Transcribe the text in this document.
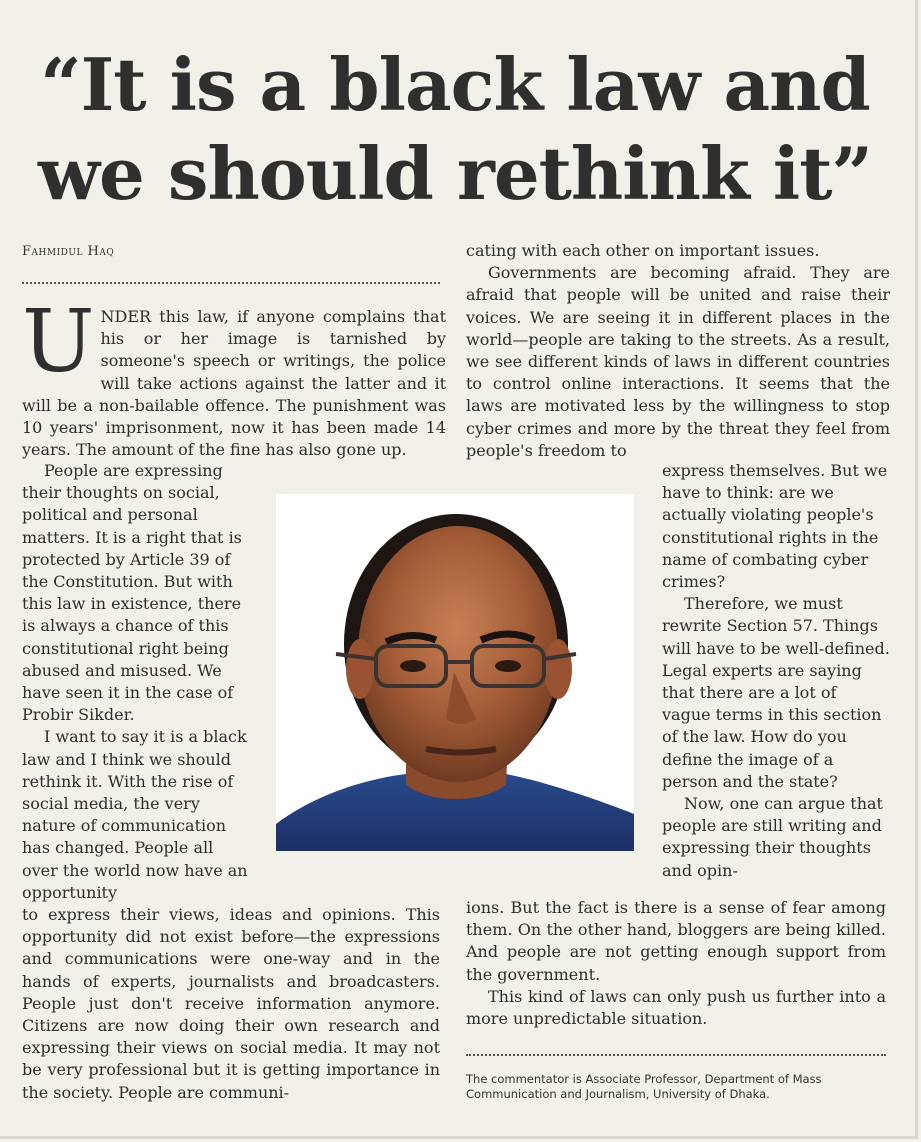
“It is a black law and
we should rethink it”
Fahmidul Haq
UNDER this law, if anyone complains that his or her image is tarnished by someone's speech or writings, the police will take actions against the latter and it will be a non-bailable offence. The punishment was 10 years' imprisonment, now it has been made 14 years. The amount of the fine has also gone up.

People are expressing their thoughts on social, political and personal matters. It is a right that is protected by Article 39 of the Constitution. But with this law in existence, there is always a chance of this constitutional right being abused and misused. We have seen it in the case of Probir Sikder.

I want to say it is a black law and I think we should rethink it. With the rise of social media, the very nature of communication has changed. People all over the world now have an opportunity

to express their views, ideas and opinions. This opportunity did not exist before—the expressions and communications were one-way and in the hands of experts, journalists and broadcasters. People just don't receive information anymore. Citizens are now doing their own research and expressing their views on social media. It may not be very professional but it is getting importance in the society. People are communi-

cating with each other on important issues.

Governments are becoming afraid. They are afraid that people will be united and raise their voices. We are seeing it in different places in the world—people are taking to the streets. As a result, we see different kinds of laws in different countries to control online interactions. It seems that the laws are motivated less by the willingness to stop cyber crimes and more by the threat they feel from people's freedom to

express themselves. But we have to think: are we actually violating people's constitutional rights in the name of combating cyber crimes?

Therefore, we must rewrite Section 57. Things will have to be well-defined. Legal experts are saying that there are a lot of vague terms in this section of the law. How do you define the image of a person and the state?

Now, one can argue that people are still writing and expressing their thoughts and opin-

ions. But the fact is there is a sense of fear among them. On the other hand, bloggers are being killed. And people are not getting enough support from the government.

This kind of laws can only push us further into a more unpredictable situation.

The commentator is Associate Professor, Department of Mass Communication and Journalism, University of Dhaka.
